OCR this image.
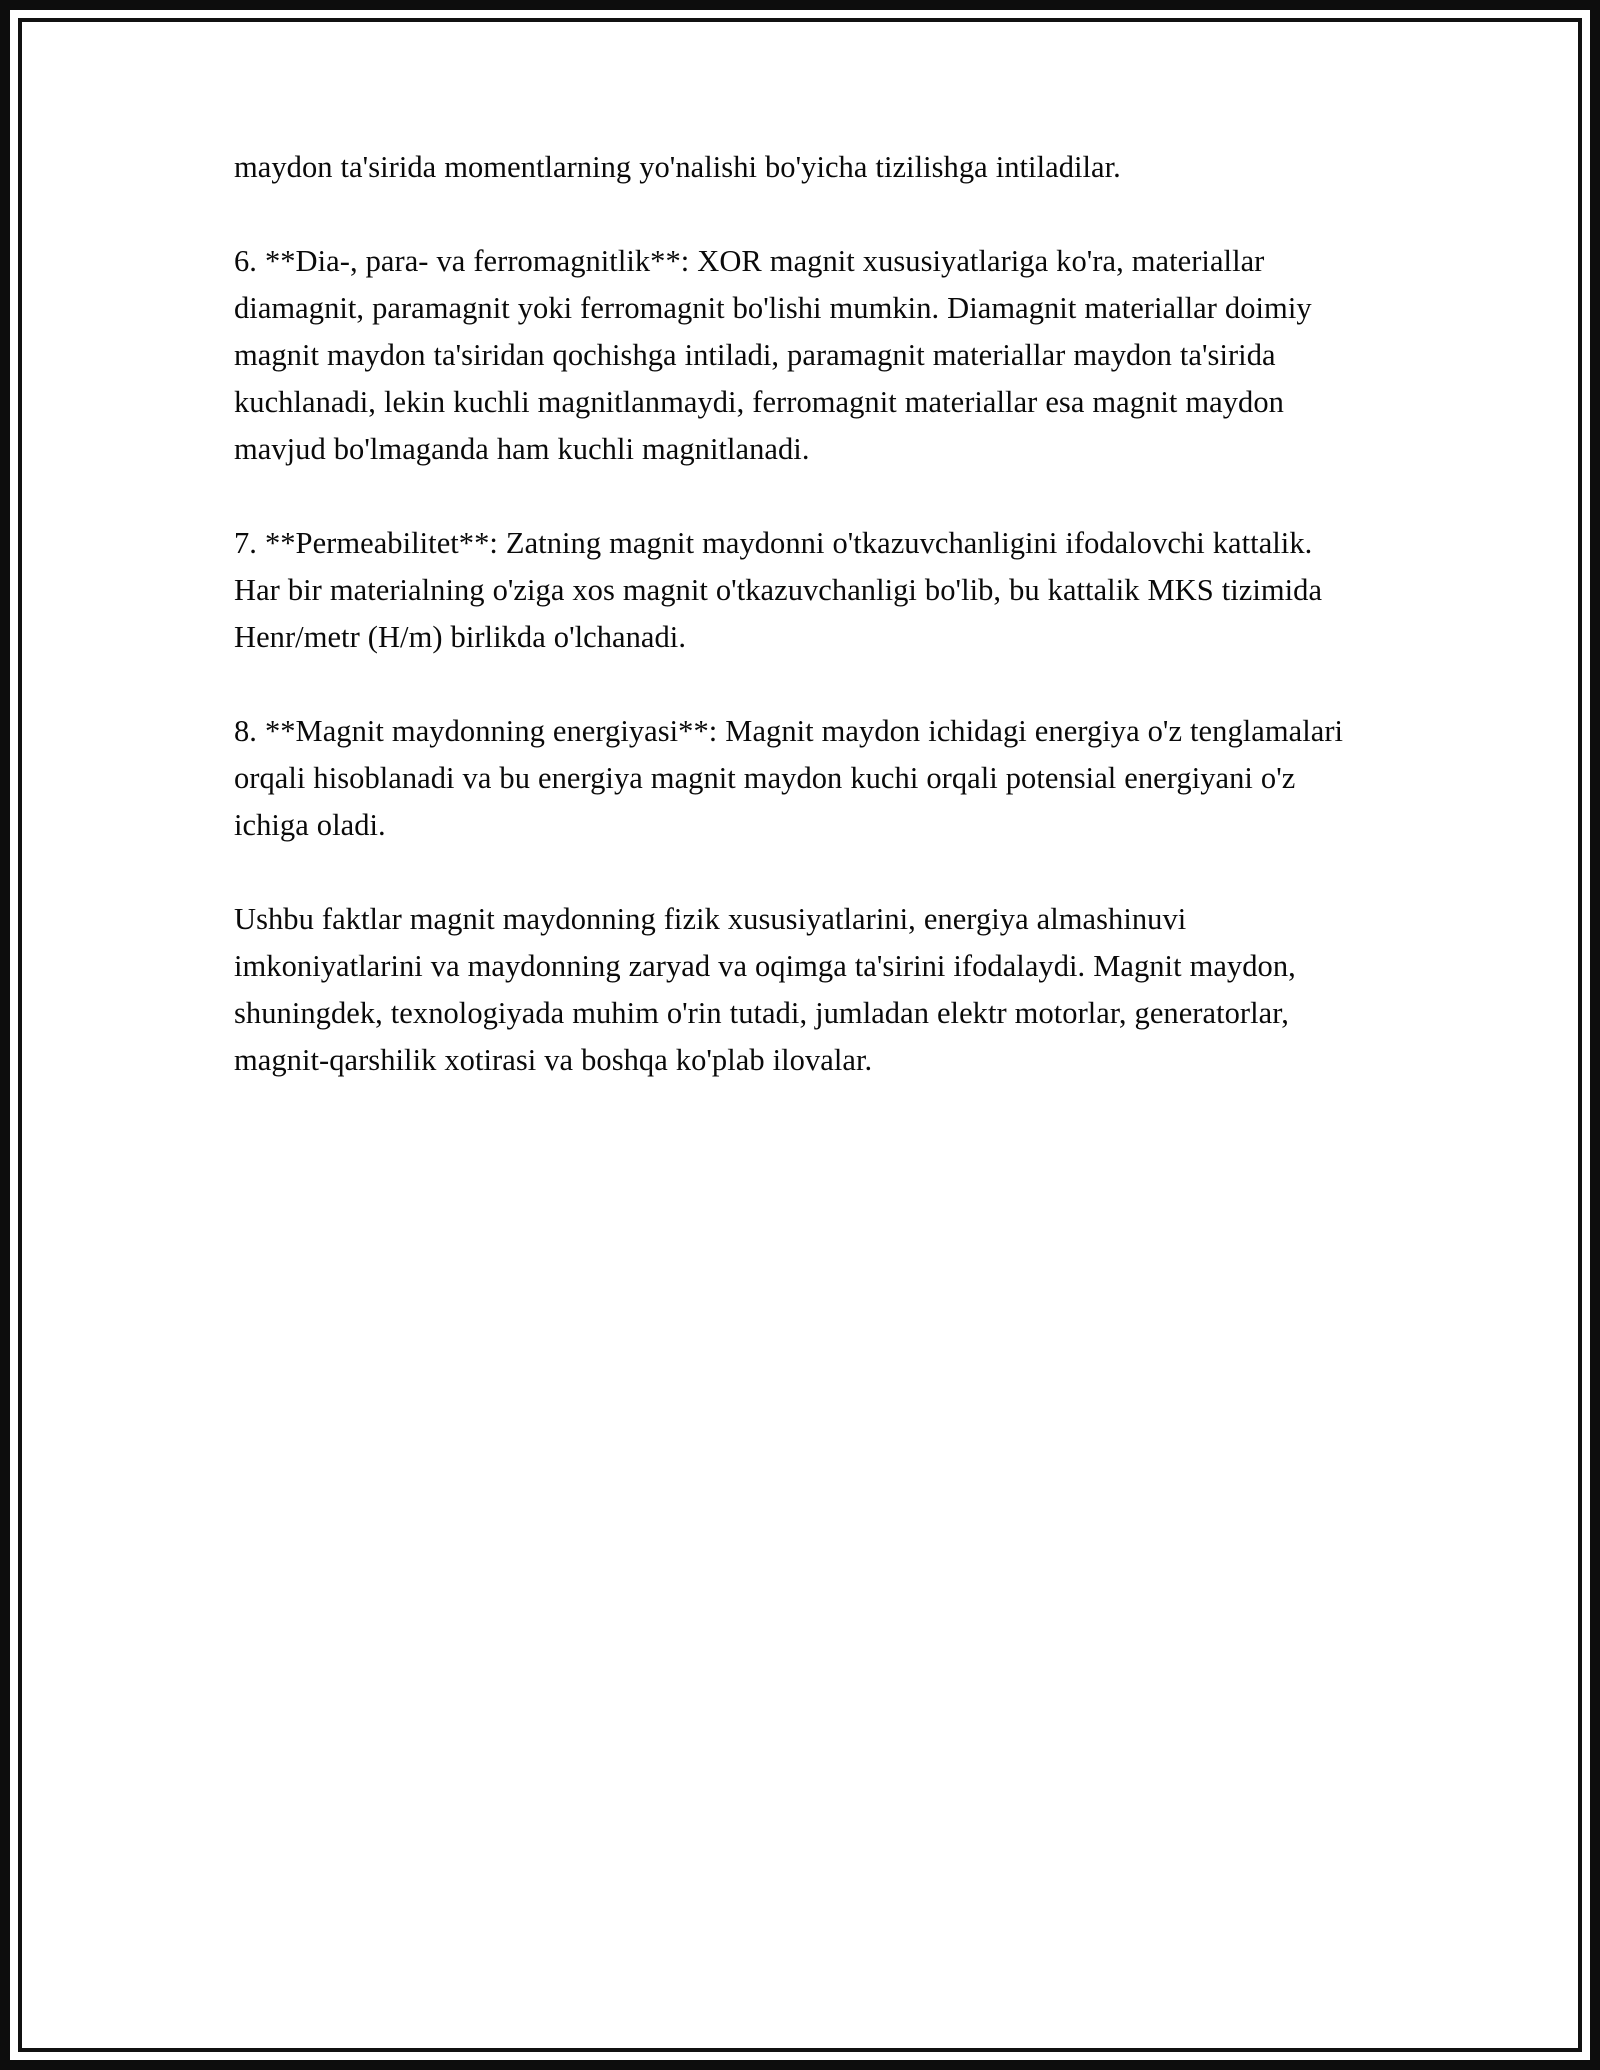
maydon ta'sirida momentlarning yo'nalishi bo'yicha tizilishga intiladilar.

6. **Dia-, para- va ferromagnitlik**: XOR magnit xususiyatlariga ko'ra, materiallar diamagnit, paramagnit yoki ferromagnit bo'lishi mumkin. Diamagnit materiallar doimiy magnit maydon ta'siridan qochishga intiladi, paramagnit materiallar maydon ta'sirida kuchlanadi, lekin kuchli magnitlanmaydi, ferromagnit materiallar esa magnit maydon mavjud bo'lmaganda ham kuchli magnitlanadi.

7. **Permeabilitet**: Zatning magnit maydonni o'tkazuvchanligini ifodalovchi kattalik. Har bir materialning o'ziga xos magnit o'tkazuvchanligi bo'lib, bu kattalik MKS tizimida Henr/metr (H/m) birlikda o'lchanadi.

8. **Magnit maydonning energiyasi**: Magnit maydon ichidagi energiya o'z tenglamalari orqali hisoblanadi va bu energiya magnit maydon kuchi orqali potensial energiyani o'z ichiga oladi.

Ushbu faktlar magnit maydonning fizik xususiyatlarini, energiya almashinuvi imkoniyatlarini va maydonning zaryad va oqimga ta'sirini ifodalaydi. Magnit maydon, shuningdek, texnologiyada muhim o'rin tutadi, jumladan elektr motorlar, generatorlar, magnit-qarshilik xotirasi va boshqa ko'plab ilovalar.
